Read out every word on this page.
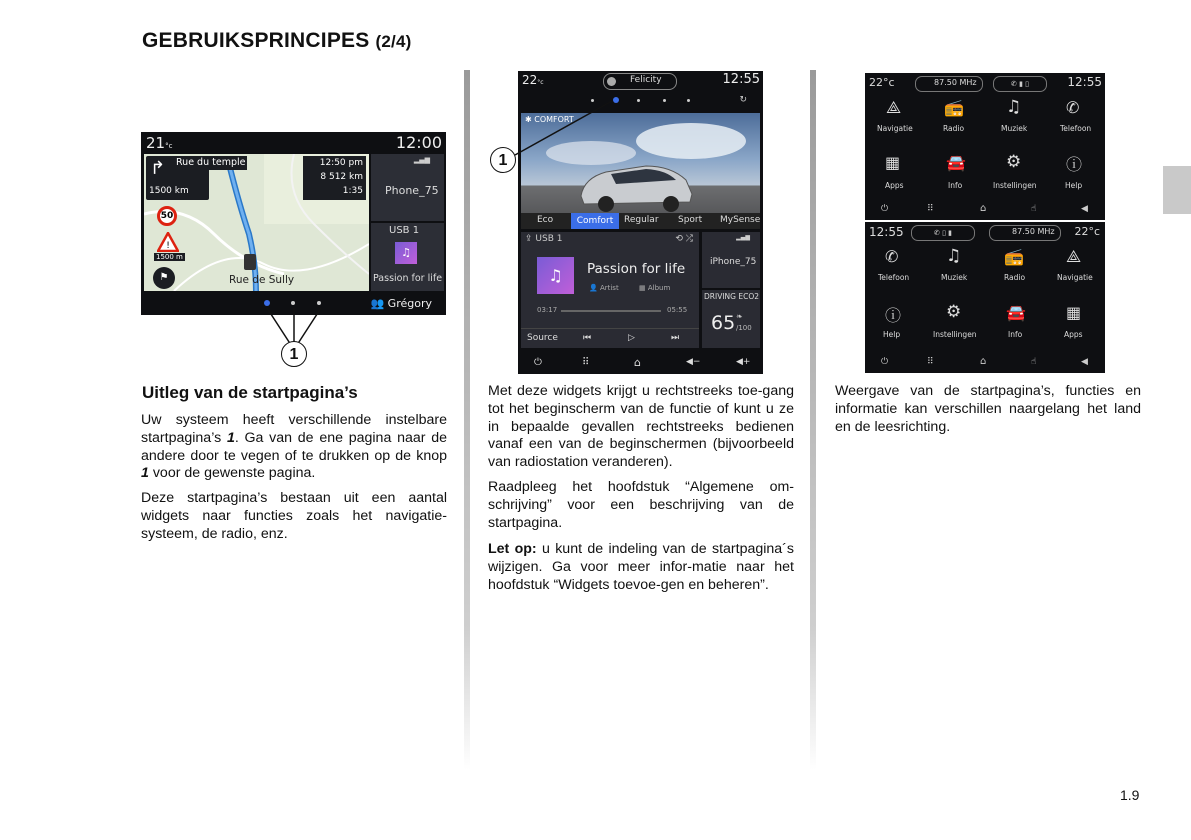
GEBRUIKSPRINCIPES (2/4)
21°c	12:00
↱
1500 km
Rue du temple	12:50 pm
8 512 km
1:35
50
!
1500 m
⚑	Rue de Sully
▂▄▆
Phone_75
USB 1
♫
Passion for life
👥 Grégory
1
22°c	Felicity	12:55
↻
✱ COMFORT
Eco	Comfort	Regular Sport MySense
⇪ USB 1	⟲ ⤮
♫	Passion for life
👤 Artist	▦ Album
03:17	05:55
Source	⏮	▷	⏭
▂▄▆
iPhone_75
DRIVING ECO2
65 ❧
/100
⏻	⠿	⌂	◀−	◀+
1
22°c	87.50 MHz	✆ ▮ ▯	12:55
⟁
Navigatie
📻
Radio
♫
Muziek
✆
Telefoon
▦
Apps
🚘
Info
⚙
Instellingen
ⓘ
Help
⏻	⠿	⌂	☝	◀
12:55	✆ ▯ ▮	87.50 MHz 22°c
✆
Telefoon
♫
Muziek
📻
Radio
⟁
Navigatie
ⓘ
Help
⚙
Instellingen
🚘
Info
▦
Apps
⏻	⠿	⌂	☝	◀
Uitleg van de startpagina’s
Uw systeem heeft verschillende instelbare startpagina’s 1. Ga van de ene pagina naar de andere door te vegen of te drukken op de knop 1 voor de gewenste pagina.
Deze startpagina’s bestaan uit een aantal widgets naar functies zoals het navigatie-systeem, de radio, enz.
Met deze widgets krijgt u rechtstreeks toe-gang tot het beginscherm van de functie of kunt u ze in bepaalde gevallen rechtstreeks bedienen vanaf een van de beginschermen (bijvoorbeeld van radiostation veranderen).
Raadpleeg het hoofdstuk “Algemene om-schrijving” voor een beschrijving van de startpagina.
Let op: u kunt de indeling van de startpagina´s wijzigen. Ga voor meer infor-matie naar het hoofdstuk “Widgets toevoe-gen en beheren”.
Weergave van de startpagina’s, functies en informatie kan verschillen naargelang het land en de leesrichting.
1.9
